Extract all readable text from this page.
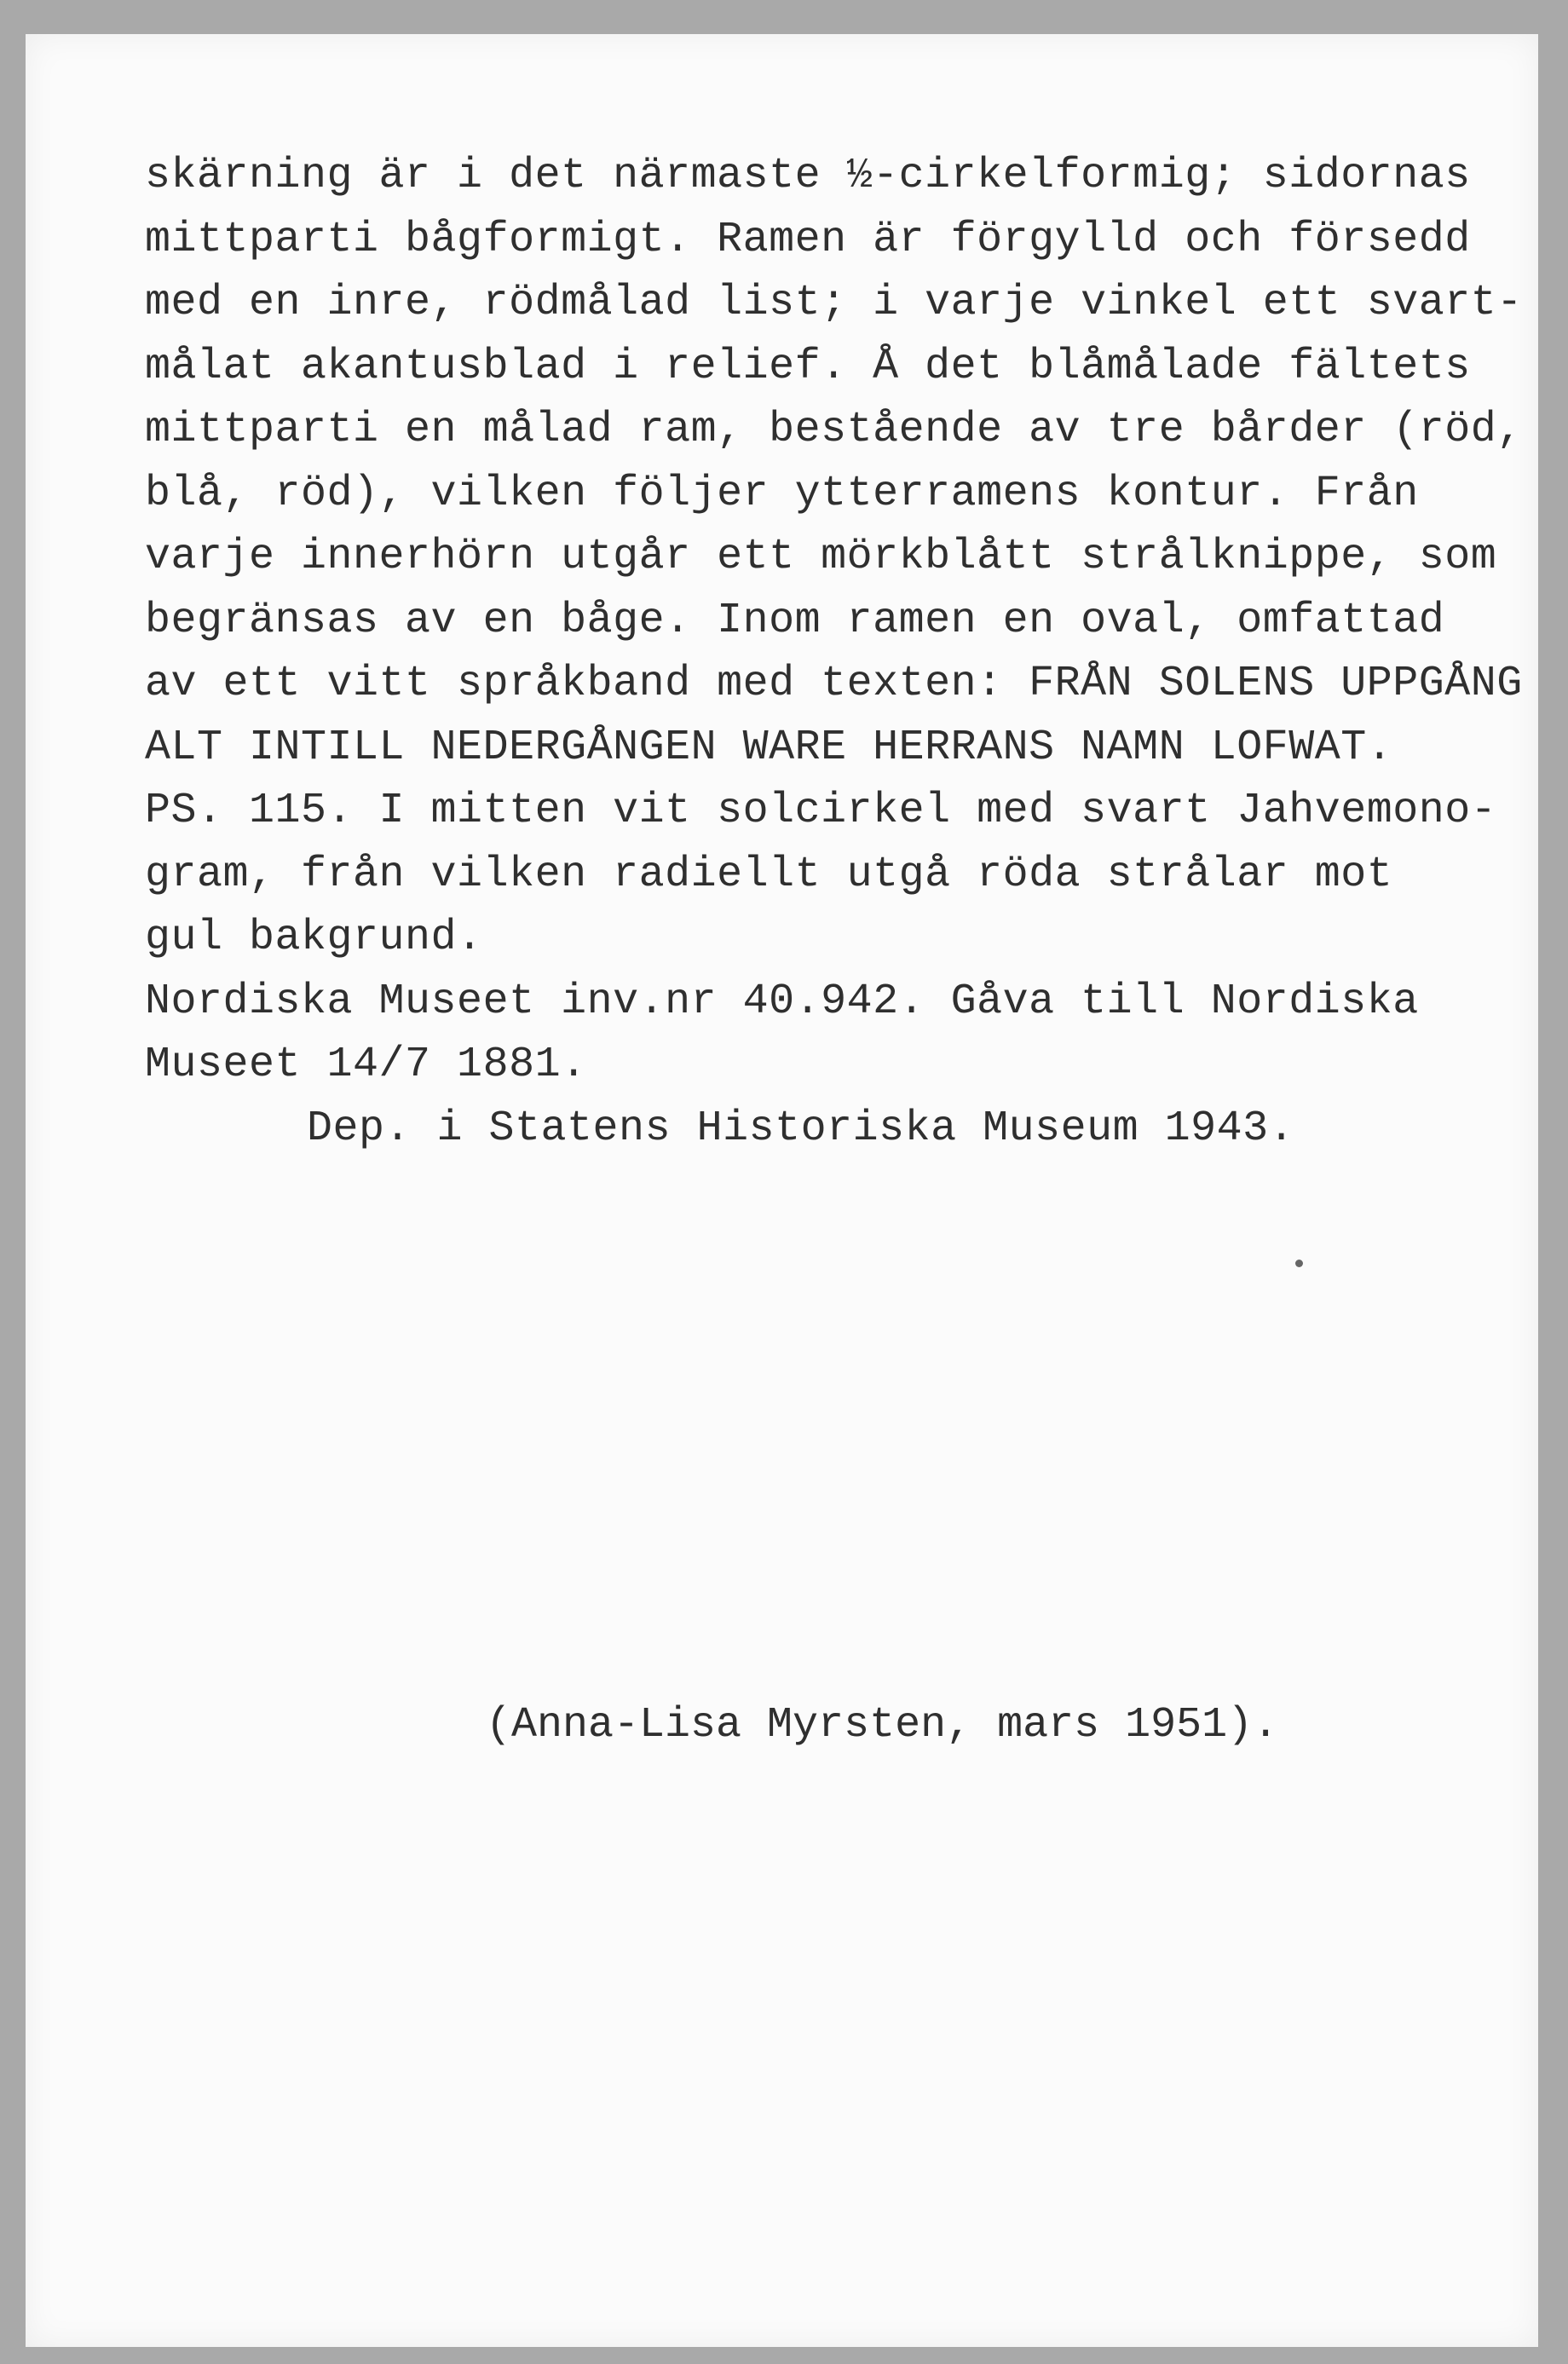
skärning är i det närmaste ½-cirkelformig; sidornas
mittparti bågformigt. Ramen är förgylld och försedd
med en inre, rödmålad list; i varje vinkel ett svart-
målat akantusblad i relief. Å det blåmålade fältets
mittparti en målad ram, bestående av tre bårder (röd,
blå, röd), vilken följer ytterramens kontur. Från
varje innerhörn utgår ett mörkblått strålknippe, som
begränsas av en båge. Inom ramen en oval, omfattad
av ett vitt språkband med texten: FRÅN SOLENS UPPGÅNG
ALT INTILL NEDERGÅNGEN WARE HERRANS NAMN LOFWAT.
PS. 115. I mitten vit solcirkel med svart Jahvemono-
gram, från vilken radiellt utgå röda strålar mot
gul bakgrund.
Nordiska Museet inv.nr 40.942. Gåva till Nordiska
Museet 14/7 1881.
Dep. i Statens Historiska Museum 1943.
(Anna-Lisa Myrsten, mars 1951).
